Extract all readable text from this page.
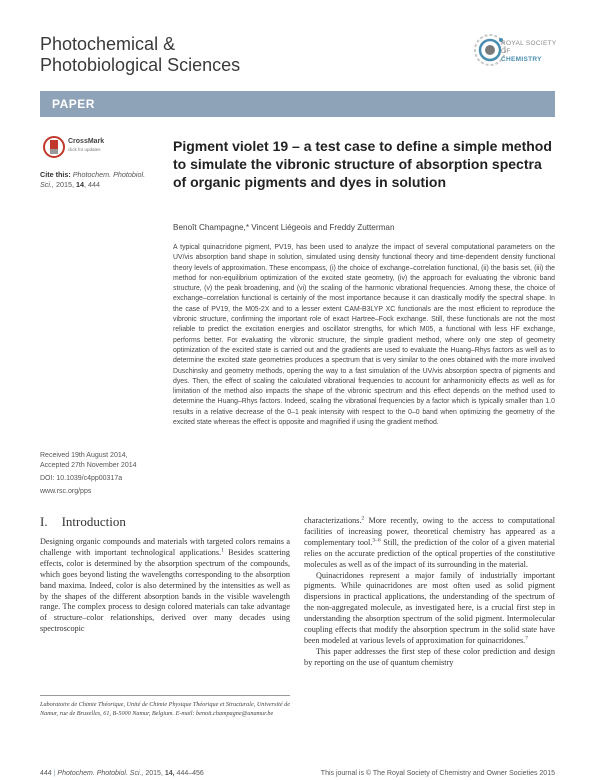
Photochemical &
Photobiological Sciences
ROYAL SOCIETY
OF
CHEMISTRY
PAPER
CrossMark
click for updates
Cite this: Photochem. Photobiol. Sci., 2015, 14, 444
Pigment violet 19 – a test case to define a simple method to simulate the vibronic structure of absorption spectra of organic pigments and dyes in solution
Benoît Champagne,* Vincent Liégeois and Freddy Zutterman
A typical quinacridone pigment, PV19, has been used to analyze the impact of several computational parameters on the UV/vis absorption band shape in solution, simulated using density functional theory and time-dependent density functional theory levels of approximation. These encompass, (i) the choice of exchange–correlation functional, (ii) the basis set, (iii) the method for non-equilibrium optimization of the excited state geometry, (iv) the approach for evaluating the vibronic band structure, (v) the peak broadening, and (vi) the scaling of the harmonic vibrational frequencies. Among these, the choice of exchange–correlation functional is certainly of the most importance because it can drastically modify the spectral shape. In the case of PV19, the M05-2X and to a lesser extent CAM-B3LYP XC functionals are the most efficient to reproduce the vibronic structure, confirming the important role of exact Hartree–Fock exchange. Still, these functionals are not the most reliable to predict the excitation energies and oscillator strengths, for which M05, a functional with less HF exchange, performs better. For evaluating the vibronic structure, the simple gradient method, where only one step of geometry optimization of the excited state is carried out and the gradients are used to evaluate the Huang–Rhys factors as well as to determine the excited state geometries produces a spectrum that is very similar to the ones obtained with the more involved Duschinsky and geometry methods, opening the way to a fast simulation of the UV/vis absorption spectra of pigments and dyes. Then, the effect of scaling the calculated vibrational frequencies to account for anharmonicity effects as well as for limitation of the method also impacts the shape of the vibronic spectrum and this effect depends on the method used to determine the Huang–Rhys factors. Indeed, scaling the vibrational frequencies by a factor which is typically smaller than 1.0 results in a relative decrease of the 0–1 peak intensity with respect to the 0–0 band when optimizing the geometry of the excited state whereas the effect is opposite and magnified if using the gradient method.
Received 19th August 2014,
Accepted 27th November 2014
DOI: 10.1039/c4pp00317a
www.rsc.org/pps
I. Introduction

Designing organic compounds and materials with targeted colors remains a challenge with important technological applications.$^1$ Besides scattering effects, color is determined by the absorption spectrum of the compounds, which goes beyond listing the wavelengths corresponding to the absorption band maxima. Indeed, color is also determined by the intensities as well as by the shapes of the different absorption bands in the visible wavelength range. The complex process to design colored materials can take advantage of structure–color relationships, derived over many decades using spectroscopic

characterizations.$^2$ More recently, owing to the access to computational facilities of increasing power, theoretical chemistry has appeared as a complementary tool.$^{3-6}$ Still, the prediction of the color of a given material relies on the accurate prediction of the optical properties of the constitutive molecules as well as of the impact of its surrounding in the material.

Quinacridones represent a major family of industrially important pigments. While quinacridones are most often used as solid pigment dispersions in practical applications, the understanding of the spectrum of the non-aggregated molecule, as investigated here, is a crucial first step in understanding the absorption spectrum of the solid pigment. Intermolecular coupling effects that modify the absorption spectrum in the solid state have been modeled at various levels of approximation for quinacridones.$^7$

This paper addresses the first step of these color prediction and design by reporting on the use of quantum chemistry

Laboratoire de Chimie Théorique, Unité de Chimie Physique Théorique et Structurale, Université de Namur, rue de Bruxelles, 61, B-5000 Namur, Belgium. E-mail: benoit.champagne@unamur.be
444 | Photochem. Photobiol. Sci., 2015, 14, 444–456	This journal is © The Royal Society of Chemistry and Owner Societies 2015
